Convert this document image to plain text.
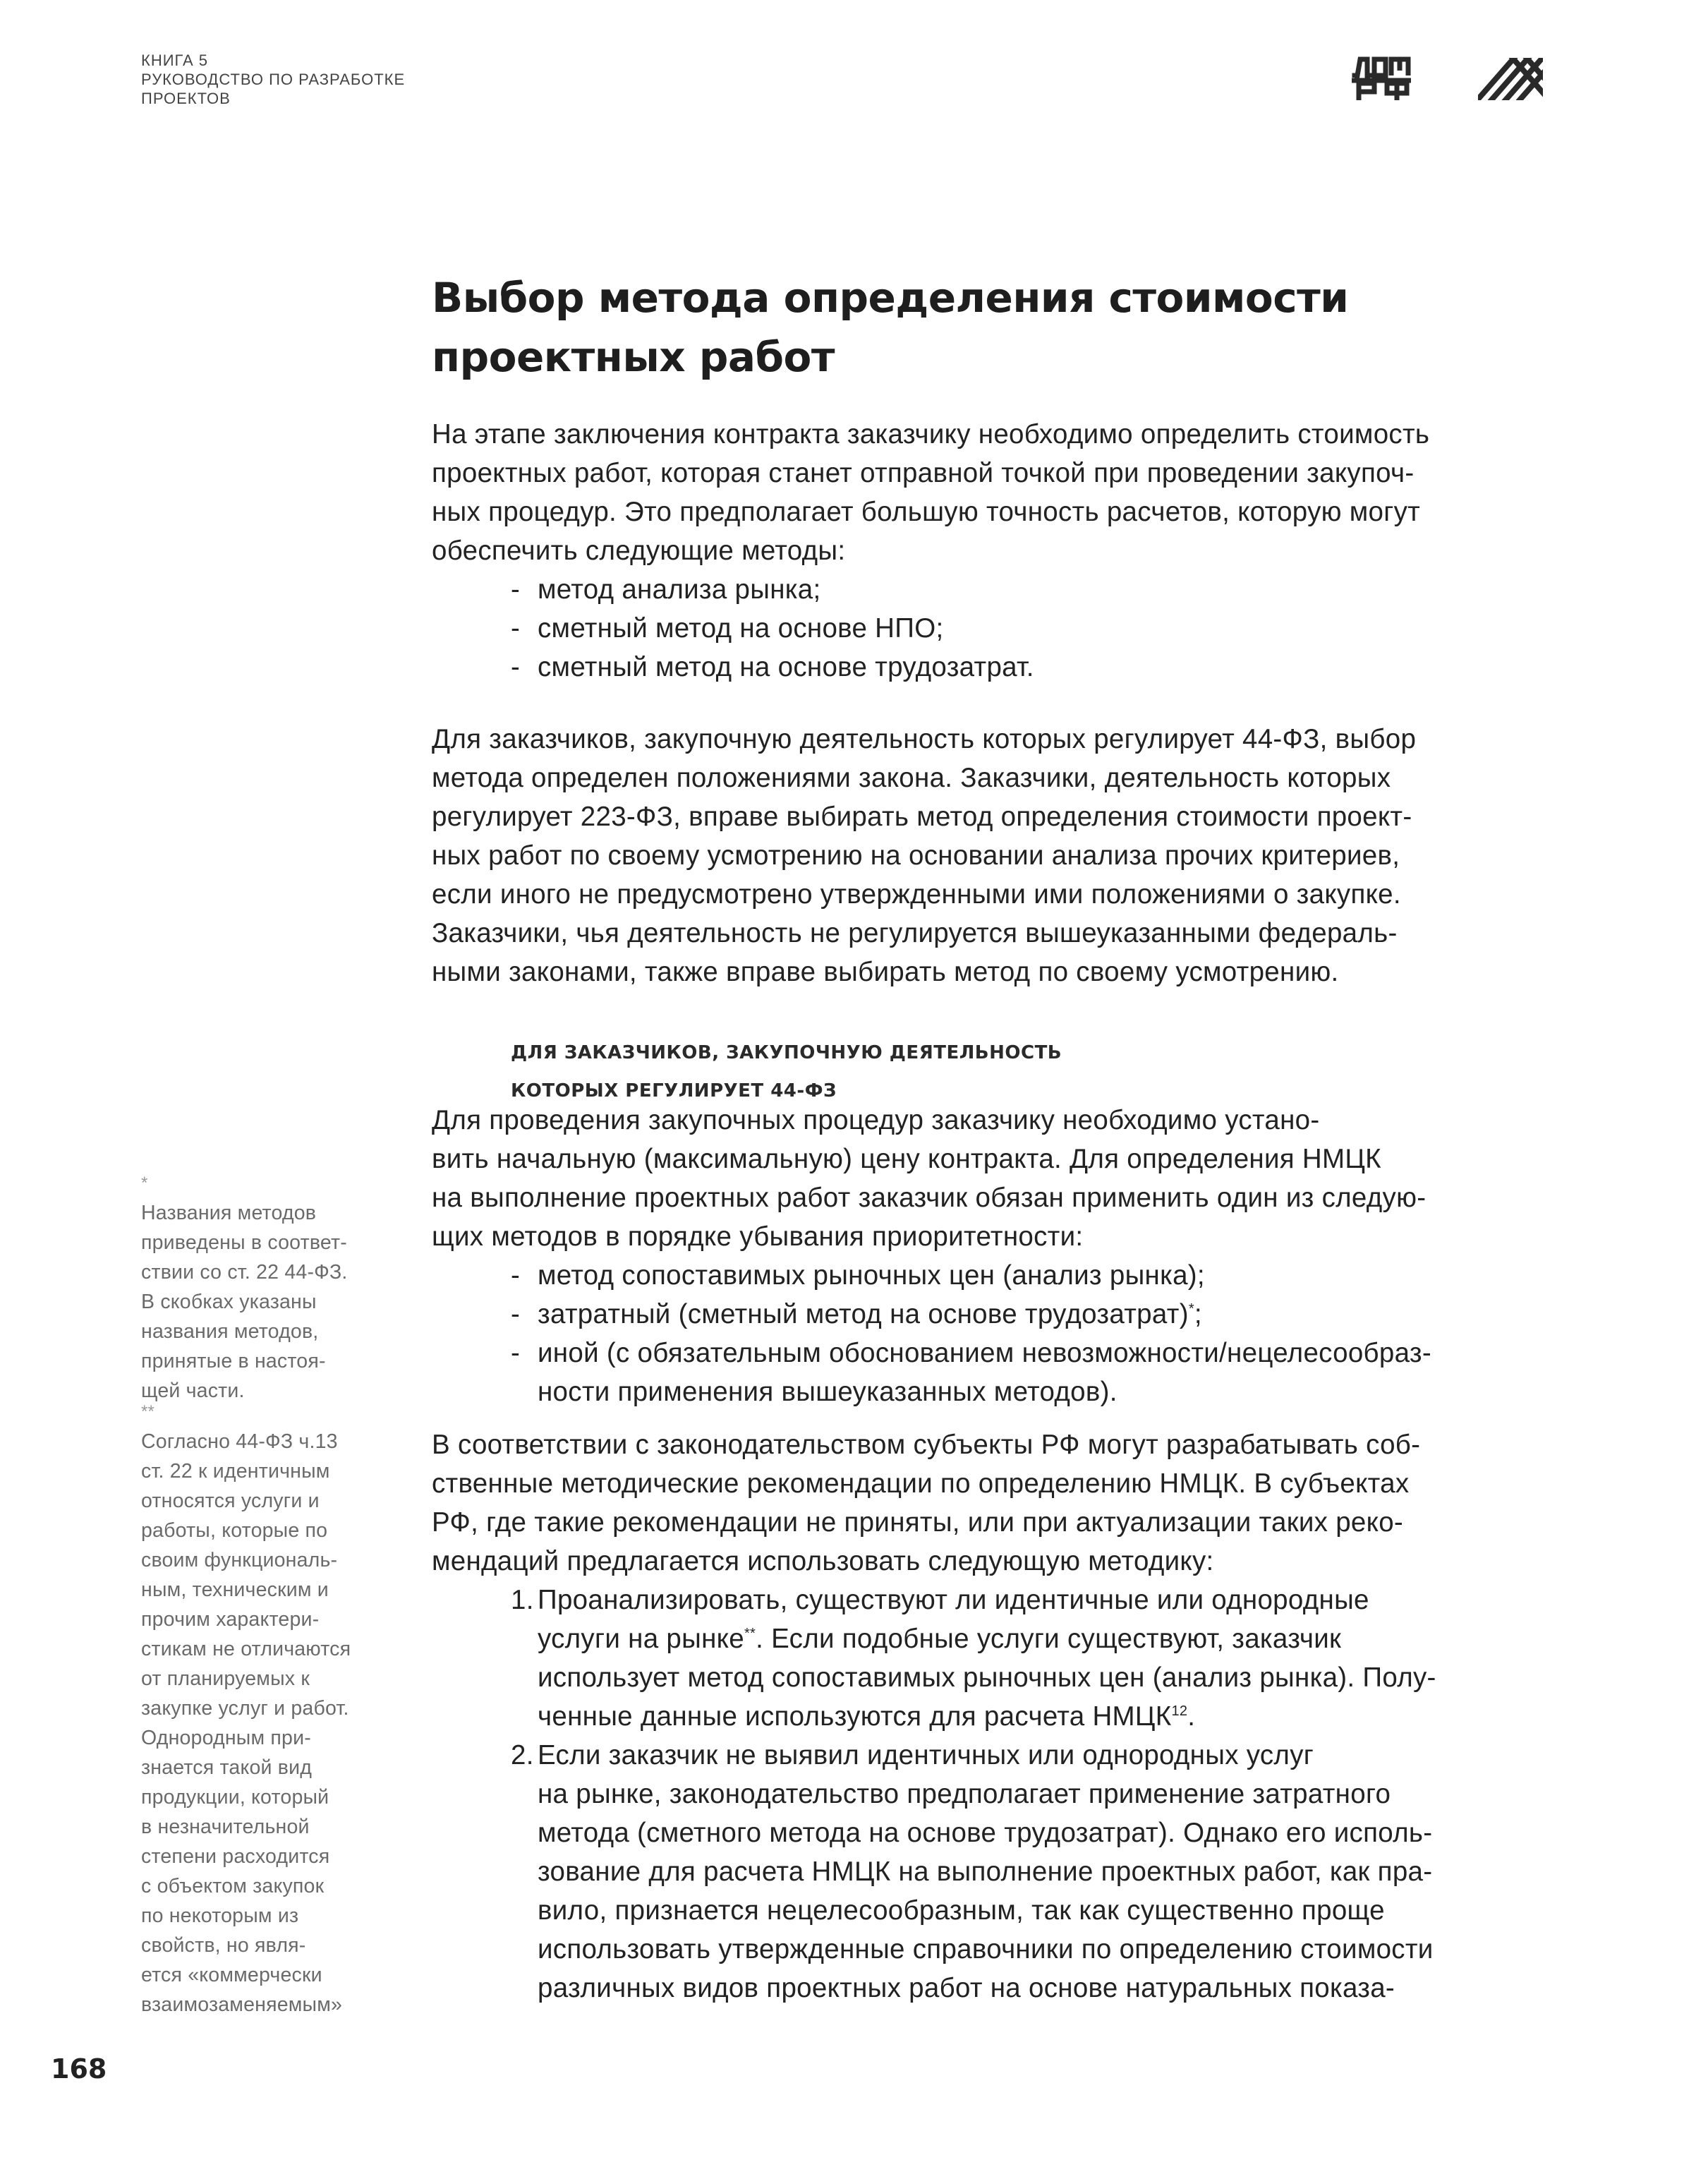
КНИГА 5
РУКОВОДСТВО ПО РАЗРАБОТКЕ
ПРОЕКТОВ
Выбор метода определения стоимости
проектных работ
На этапе заключения контракта заказчику необходимо определить стоимость
проектных работ, которая станет отправной точкой при проведении закупоч-
ных процедур. Это предполагает большую точность расчетов, которую могут
обеспечить следующие методы:
- метод анализа рынка;
- сметный метод на основе НПО;
- сметный метод на основе трудозатрат.
Для заказчиков, закупочную деятельность которых регулирует 44-ФЗ, выбор
метода определен положениями закона. Заказчики, деятельность которых
регулирует 223-ФЗ, вправе выбирать метод определения стоимости проект-
ных работ по своему усмотрению на основании анализа прочих критериев,
если иного не предусмотрено утвержденными ими положениями о закупке.
Заказчики, чья деятельность не регулируется вышеуказанными федераль-
ными законами, также вправе выбирать метод по своему усмотрению.
ДЛЯ ЗАКАЗЧИКОВ, ЗАКУПОЧНУЮ ДЕЯТЕЛЬНОСТЬ
КОТОРЫХ РЕГУЛИРУЕТ 44-ФЗ
Для проведения закупочных процедур заказчику необходимо устано-
вить начальную (максимальную) цену контракта. Для определения НМЦК
на выполнение проектных работ заказчик обязан применить один из следую-
щих методов в порядке убывания приоритетности:
- метод сопоставимых рыночных цен (анализ рынка);
- затратный (сметный метод на основе трудозатрат)*;
- иной (с обязательным обоснованием невозможности/нецелесообраз-
ности применения вышеуказанных методов).
В соответствии с законодательством субъекты РФ могут разрабатывать соб-
ственные методические рекомендации по определению НМЦК. В субъектах
РФ, где такие рекомендации не приняты, или при актуализации таких реко-
мендаций предлагается использовать следующую методику:
1. Проанализировать, существуют ли идентичные или однородные
услуги на рынке**. Если подобные услуги существуют, заказчик
использует метод сопоставимых рыночных цен (анализ рынка). Полу-
ченные данные используются для расчета НМЦК$^{12}$.
2. Если заказчик не выявил идентичных или однородных услуг
на рынке, законодательство предполагает применение затратного
метода (сметного метода на основе трудозатрат). Однако его исполь-
зование для расчета НМЦК на выполнение проектных работ, как пра-
вило, признается нецелесообразным, так как существенно проще
использовать утвержденные справочники по определению стоимости
различных видов проектных работ на основе натуральных показа-
*
Названия методов
приведены в соответ-
ствии со ст. 22 44-ФЗ.
В скобках указаны
названия методов,
принятые в настоя-
щей части.
**
Согласно 44-ФЗ ч.13
ст. 22 к идентичным
относятся услуги и
работы, которые по
своим функциональ-
ным, техническим и
прочим характери-
стикам не отличаются
от планируемых к
закупке услуг и работ.
Однородным при-
знается такой вид
продукции, который
в незначительной
степени расходится
с объектом закупок
по некоторым из
свойств, но явля-
ется «коммерчески
взаимозаменяемым»
168
